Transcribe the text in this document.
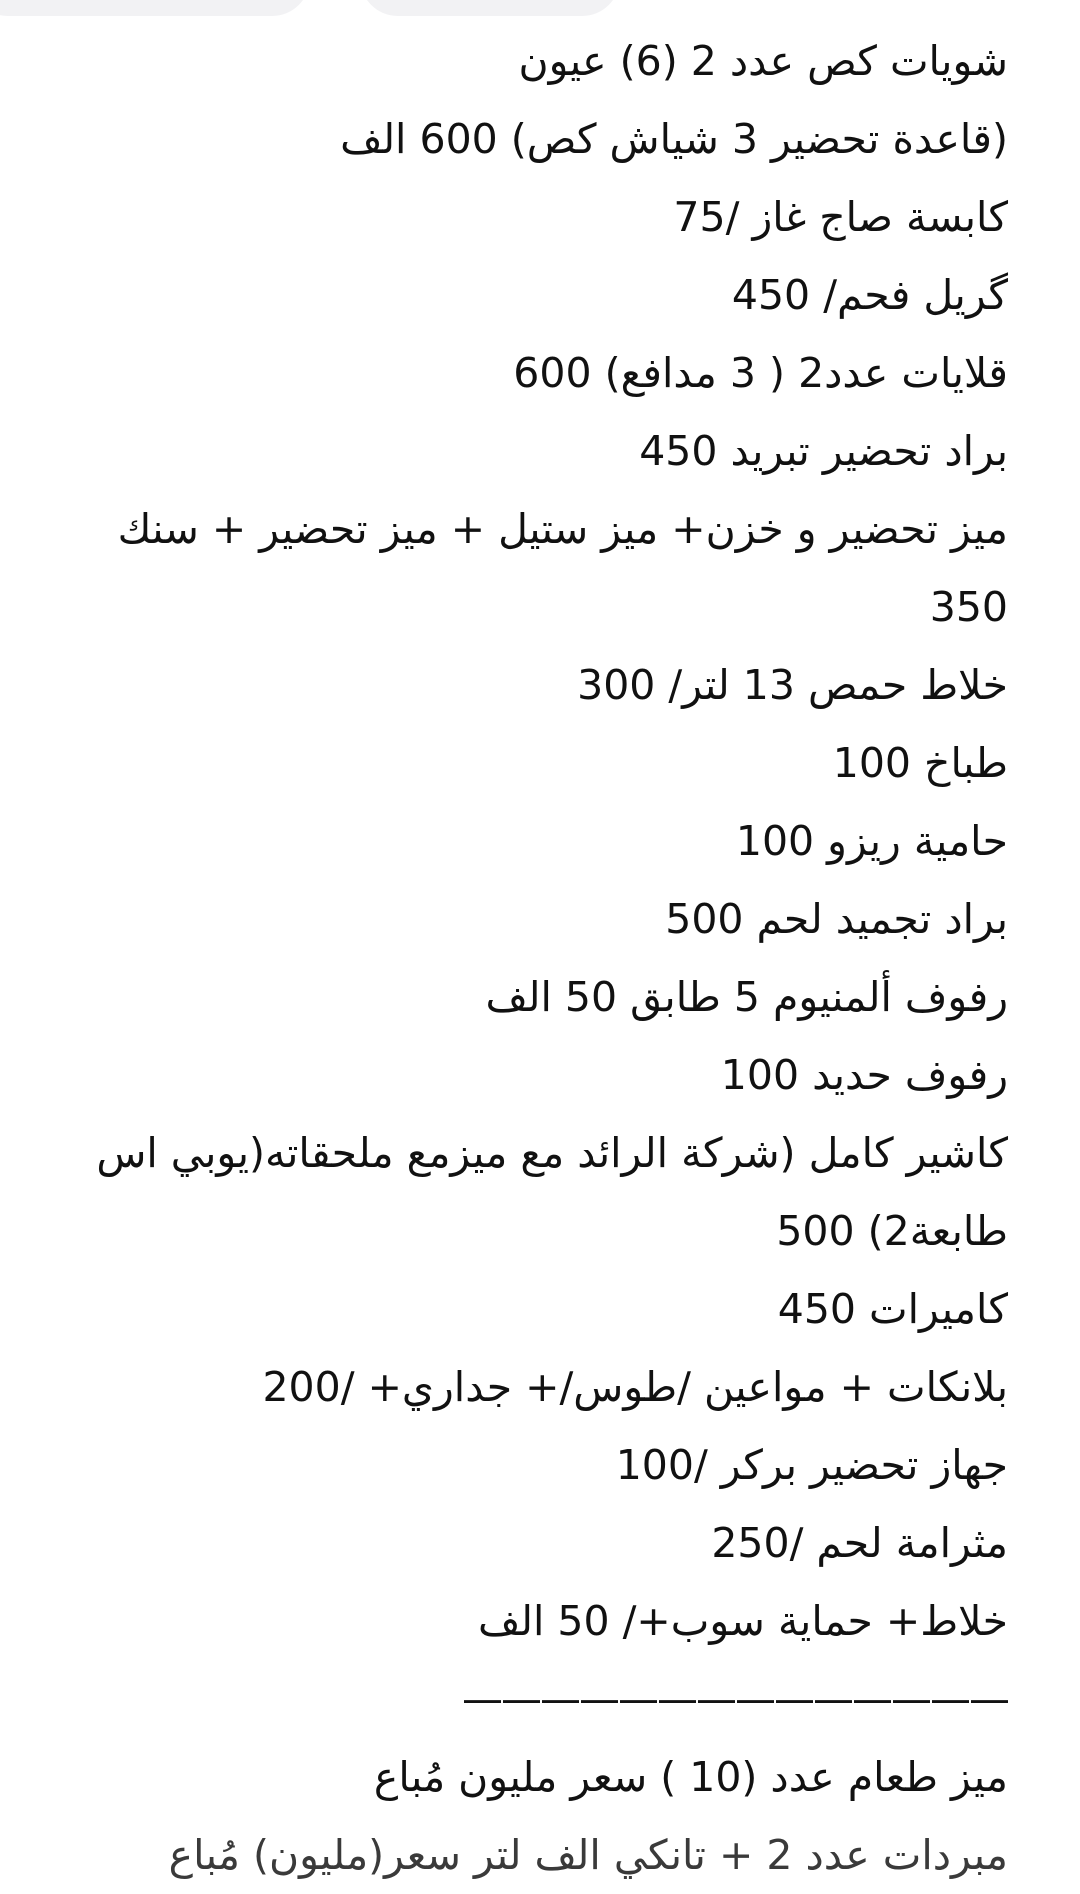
شويات كص عدد 2 (6) عيون
(قاعدة تحضير 3 شياش كص) 600 الف
كابسة صاج غاز /75
گريل فحم/ 450
قلايات عدد2 ( 3 مدافع) 600
براد تحضير تبريد 450
ميز تحضير و خزن+ ميز ستيل + ميز تحضير + سنك 350
خلاط حمص 13 لتر/ 300
طباخ 100
حامية ريزو 100
براد تجميد لحم 500
رفوف ألمنيوم 5 طابق 50 الف
رفوف حديد 100
كاشير كامل (شركة الرائد مع ميزمع ملحقاته(يوبي اس طابعة2) 500
كاميرات 450
بلانكات + مواعين /طوس/+ جداري+ /200
جهاز تحضير بركر /100
مثرامة لحم /250
خلاط+ حماية سوب+/ 50 الف
——————————————
ميز طعام عدد (10 ) سعر مليون مُباع
مبردات عدد 2 + تانكي الف لتر سعر(مليون) مُباع
